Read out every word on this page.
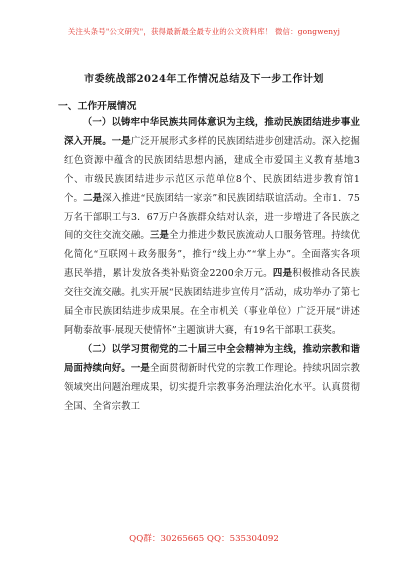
关注头条号"公文研究"，获得最新最全最专业的公文资料库！ 微信：gongwenyj
市委统战部2024年工作情况总结及下一步工作计划
一、工作开展情况

（一）以铸牢中华民族共同体意识为主线，推动民族团结进步事业深入开展。一是广泛开展形式多样的民族团结进步创建活动。深入挖掘红色资源中蕴含的民族团结思想内涵，建成全市爱国主义教育基地3个、市级民族团结进步示范区示范单位8个、民族团结进步教育馆1个。二是深入推进“民族团结一家亲”和民族团结联谊活动。全市1．75万名干部职工与3．67万户各族群众结对认亲，进一步增进了各民族之间的交往交流交融。三是全力推进少数民族流动人口服务管理。持续优化简化“互联网＋政务服务”，推行“线上办”“掌上办”。全面落实各项惠民举措，累计发放各类补贴资金2200余万元。四是积极推动各民族交往交流交融。扎实开展“民族团结进步宣传月”活动，成功举办了第七届全市民族团结进步成果展。在全市机关（事业单位）广泛开展“讲述阿勒泰故事·展现天使情怀”主题演讲大赛，有19名干部职工获奖。

（二）以学习贯彻党的二十届三中全会精神为主线，推动宗教和谐局面持续向好。一是全面贯彻新时代党的宗教工作理论。持续巩固宗教领域突出问题治理成果，切实提升宗教事务治理法治化水平。认真贯彻全国、全省宗教工

QQ群：30265665 QQ：535304092
